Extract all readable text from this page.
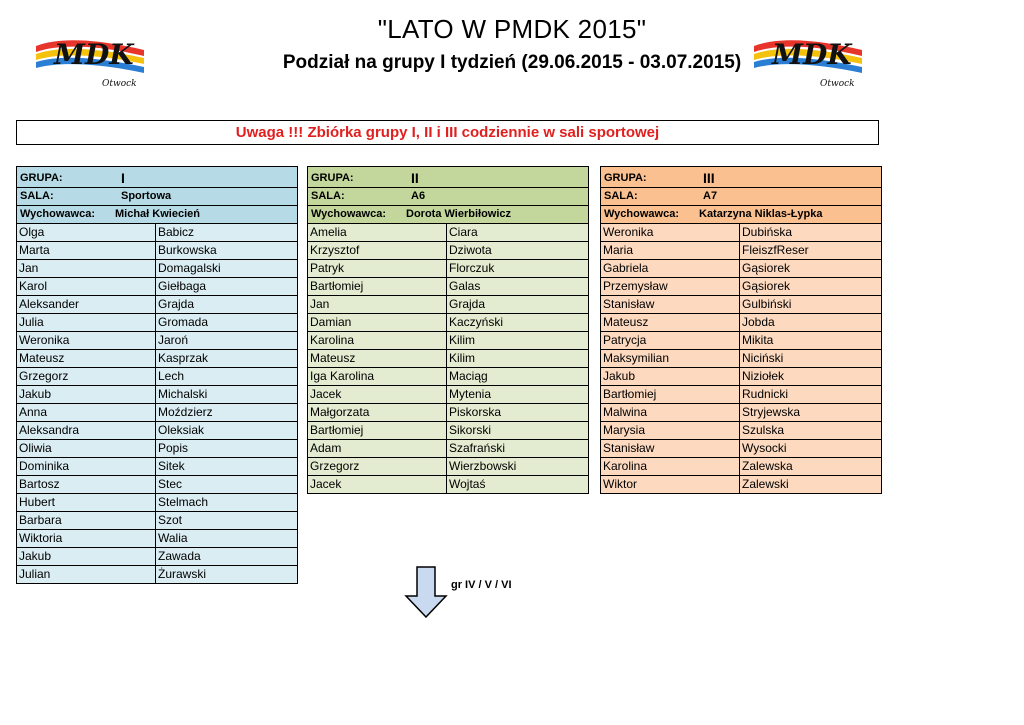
"LATO W PMDK 2015"
Podział na grupy I tydzień (29.06.2015 - 03.07.2015)
MDK
Otwock
MDK
Otwock
Uwaga !!! Zbiórka grupy I, II i III codziennie w sali sportowej
GRUPA:	I
SALA:	Sportowa
Wychowawca: Michał Kwiecień
Olga	Babicz
Marta	Burkowska
Jan	Domagalski
Karol	Giełbaga
Aleksander	Grajda
Julia	Gromada
Weronika	Jaroń
Mateusz	Kasprzak
Grzegorz	Lech
Jakub	Michalski
Anna	Moździerz
Aleksandra	Oleksiak
Oliwia	Popis
Dominika	Sitek
Bartosz	Stec
Hubert	Stelmach
Barbara	Szot
Wiktoria	Walia
Jakub	Zawada
Julian	Żurawski
GRUPA:	II
SALA:	A6
Wychowawca: Dorota Wierbiłowicz
Amelia	Ciara
Krzysztof	Dziwota
Patryk	Florczuk
Bartłomiej	Galas
Jan	Grajda
Damian	Kaczyński
Karolina	Kilim
Mateusz	Kilim
Iga Karolina	Maciąg
Jacek	Mytenia
Małgorzata	Piskorska
Bartłomiej	Sikorski
Adam	Szafrański
Grzegorz	Wierzbowski
Jacek	Wojtaś
GRUPA:	III
SALA:	A7
Wychowawca: Katarzyna Niklas-Łypka
Weronika	Dubińska
Maria	FleiszfReser
Gabriela	Gąsiorek
Przemysław	Gąsiorek
Stanisław	Gulbiński
Mateusz	Jobda
Patrycja	Mikita
Maksymilian	Niciński
Jakub	Niziołek
Bartłomiej	Rudnicki
Malwina	Stryjewska
Marysia	Szulska
Stanisław	Wysocki
Karolina	Zalewska
Wiktor	Zalewski
gr IV / V / VI
